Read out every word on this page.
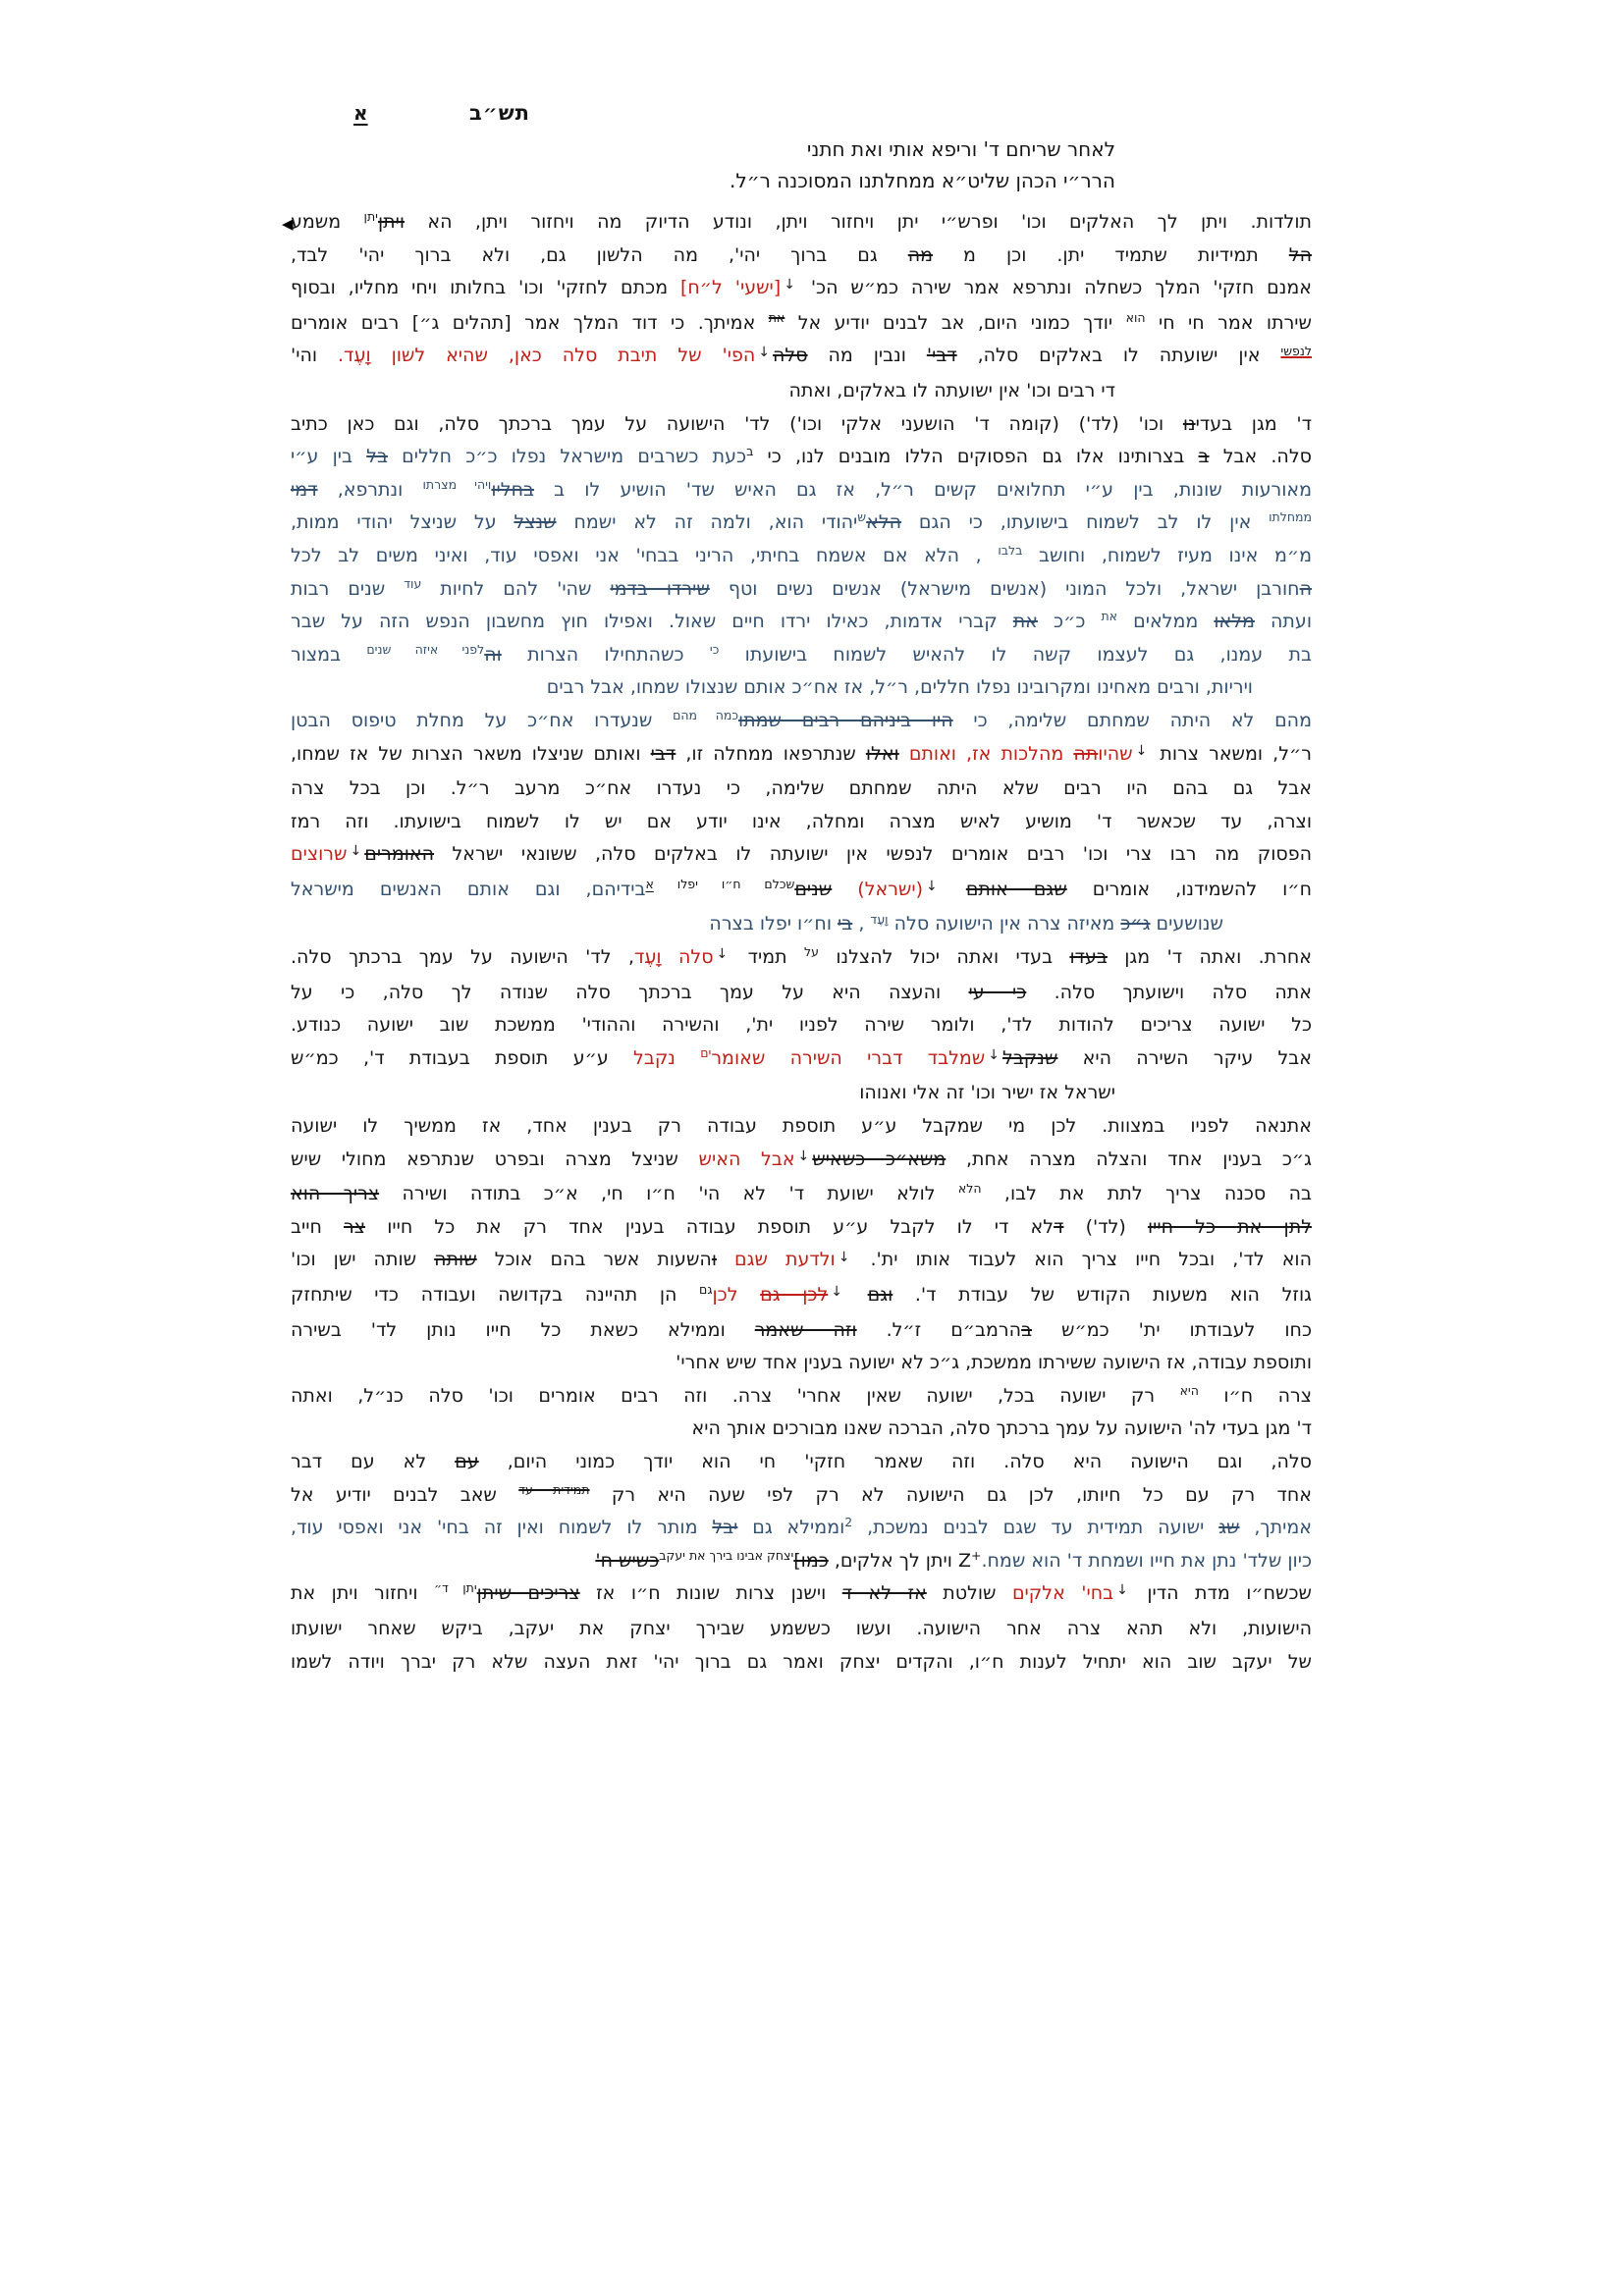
תש״ב
א
לאחר שריחם ד' וריפא אותי ואת חתני
הרר״י הכהן שליט״א ממחלתנו המסוכנה ר״ל.
◀	תולדות. ויתן לך האלקים וכו' ופרש״י יתן ויחזור ויתן, ונודע הדיוק מה ויחזור ויתן, הא ויתן$^{יתן}$ משמע
הל תמידיות שתמיד יתן. וכן מ מה גם ברוך יהי', מה הלשון גם, ולא ברוך יהי' לבד,
אמנם חזקי' המלך כשחלה ונתרפא אמר שירה כמ״ש הכ' ↓[ישעי' ל״ח] מכתם לחזקי' וכו' בחלותו ויחי מחליו, ובסוף
שירתו אמר חי חי $^{הוא}$ יודך כמוני היום, אב לבנים יודיע אל $^{את}$ אמיתך. כי דוד המלך אמר [תהלים ג״] רבים אומרים
$^{לנפשי}$ אין ישועתה לו באלקים סלה, דבי' ונבין מה סלה↓הפי' של תיבת סלה כאן, שהיא לשון וָעֶד. והי'
די רבים וכו' אין ישועתה לו באלקים, ואתה
ד' מגן בעדינו וכו' (לד') (קומה ד' הושעני אלקי וכו') לד' הישועה על עמך ברכתך סלה, וגם כאן כתיב
סלה. אבל ב בצרותינו אלו גם הפסוקים הללו מובנים לנו, כי $^ב$כעת כשרבים מישראל נפלו כ״כ חללים בל בין ע״י
מאורעות שונות, בין ע״י תחלואים קשים ר״ל, אז גם האיש שד' הושיע לו ב בחליו$^{ויהי מצרתו}$ ונתרפא, דמי
$^{ממחלתו}$ אין לו לב לשמוח בישועתו, כי הגם הלא$^ש$יהודי הוא, ולמה זה לא ישמח שנצל על שניצל יהודי ממות,
מ״מ אינו מעיז לשמוח, וחושב $^{בלבו}$ , הלא אם אשמח בחיתי, הריני בבחי' אני ואפסי עוד, ואיני משים לב לכל
החורבן ישראל, ולכל המוני (אנשים מישראל) אנשים נשים וטף שירדו בדמי שהי' להם לחיות $^{עוד}$ שנים רבות
ועתה מלאו ממלאים $^{את}$ כ״כ את קברי אדמות, כאילו ירדו חיים שאול. ואפילו חוץ מחשבון הנפש הזה על שבר
בת עמנו, גם לעצמו קשה לו להאיש לשמוח בישועתו $^{כי}$ כשהתחילו הצרות וה$^{לפני איזה שנים}$ במצור
ויריות, ורבים מאחינו ומקרובינו נפלו חללים, ר״ל, אז אח״כ אותם שנצולו שמחו, אבל רבים
מהם לא היתה שמחתם שלימה, כי היו ביניהם רבים שמתו$^{כמה מהם}$ שנעדרו אח״כ על מחלת טיפוס הבטן
ר״ל, ומשאר צרות ↓שהיותה מהלכות אז, ואותם ואלו שנתרפאו ממחלה זו, דבי ואותם שניצלו משאר הצרות של אז שמחו,
אבל גם בהם היו רבים שלא היתה שמחתם שלימה, כי נעדרו אח״כ מרעב ר״ל. וכן בכל צרה
וצרה, עד שכאשר ד' מושיע לאיש מצרה ומחלה, אינו יודע אם יש לו לשמוח בישועתו. וזה רמז
הפסוק מה רבו צרי וכו' רבים אומרים לנפשי אין ישועתה לו באלקים סלה, ששונאי ישראל האומרים↓שרוצים
ח״ו להשמידנו, אומרים שגם אותם ↓(ישראל) שנים$^{שכלם ח״ו יפלו}$ $^א$בידיהם, וגם אותם האנשים מישראל
שנושעים ג״כ מאיזה צרה אין הישועה סלה $^{וָעֶד}$ , בי וח״ו יפלו בצרה
אחרת. ואתה ד' מגן בעדו בעדי ואתה יכול להצלנו $^{על}$ תמיד ↓סלה וָעֶד, לד' הישועה על עמך ברכתך סלה.
אתה סלה וישועתך סלה. כי עי והעצה היא על עמך ברכתך סלה שנודה לך סלה, כי על
כל ישועה צריכים להודות לד', ולומר שירה לפניו ית', והשירה וההודי' ממשכת שוב ישועה כנודע.
אבל עיקר השירה היא שנקבל↓שמלבד דברי השירה שאומר$^{ים}$ נקבל ע״ע תוספת בעבודת ד', כמ״ש
ישראל אז ישיר וכו' זה אלי ואנוהו
אתנאה לפניו במצוות. לכן מי שמקבל ע״ע תוספת עבודה רק בענין אחד, אז ממשיך לו ישועה
ג״כ בענין אחד והצלה מצרה אחת, משא״כ כשאיש↓אבל האיש שניצל מצרה ובפרט שנתרפא מחולי שיש
בה סכנה צריך לתת את לבו, $^{הלא}$ לולא ישועת ד' לא הי' ח״ו חי, א״כ בתודה ושירה צריך הוא
לתן את כל חייו (לד') דלא די לו לקבל ע״ע תוספת עבודה בענין אחד רק את כל חייו צר חייב
הוא לד', ובכל חייו צריך הוא לעבוד אותו ית'. ↓ולדעת שגם והשעות אשר בהם אוכל שותה שותה ישן וכו'
גוזל הוא משעות הקודש של עבודת ד'. וגם ↓לכן גם לכן$^{גם}$ הן תהיינה בקדושה ועבודה כדי שיתחזק
כחו לעבודתו ית' כמ״ש בהרמב״ם ז״ל. וזה שאמר וממילא כשאת כל חייו נותן לד' בשירה
ותוספת עבודה, אז הישועה ששירתו ממשכת, ג״כ לא ישועה בענין אחד שיש אחרי'
צרה ח״ו $^{היא}$ רק ישועה בכל, ישועה שאין אחרי' צרה. וזה רבים אומרים וכו' סלה כנ״ל, ואתה
ד' מגן בעדי לה' הישועה על עמך ברכתך סלה, הברכה שאנו מבורכים אותך היא
סלה, וגם הישועה היא סלה. וזה שאמר חזקי' חי הוא יודך כמוני היום, עם לא עם דבר
אחד רק עם כל חיותו, לכן גם הישועה לא רק לפי שעה היא רק $^{תמידית עד}$ שאב לבנים יודיע אל
אמיתך, שג ישועה תמידית עד שגם לבנים נמשכת, $^2$וממילא גם יבל מותר לו לשמוח ואין זה בחי' אני ואפסי עוד,
כיון שלד' נתן את חייו ושמחת ד' הוא שמח.+Z ויתן לך אלקים, כמו]$^{יצחק אבינו בירך את יעקב}$כשיש ח'
שכשח״ו מדת הדין ↓בחי' אלקים שולטת אז לא ד וישנן צרות שונות ח״ו אז צריכים שיתן$^{יתן ד״}$ ויחזור ויתן את
הישועות, ולא תהא צרה אחר הישועה. ועשו כששמע שבירך יצחק את יעקב, ביקש שאחר ישועתו
של יעקב שוב הוא יתחיל לענות ח״ו, והקדים יצחק ואמר גם ברוך יהי' זאת העצה שלא רק יברך ויודה לשמו
